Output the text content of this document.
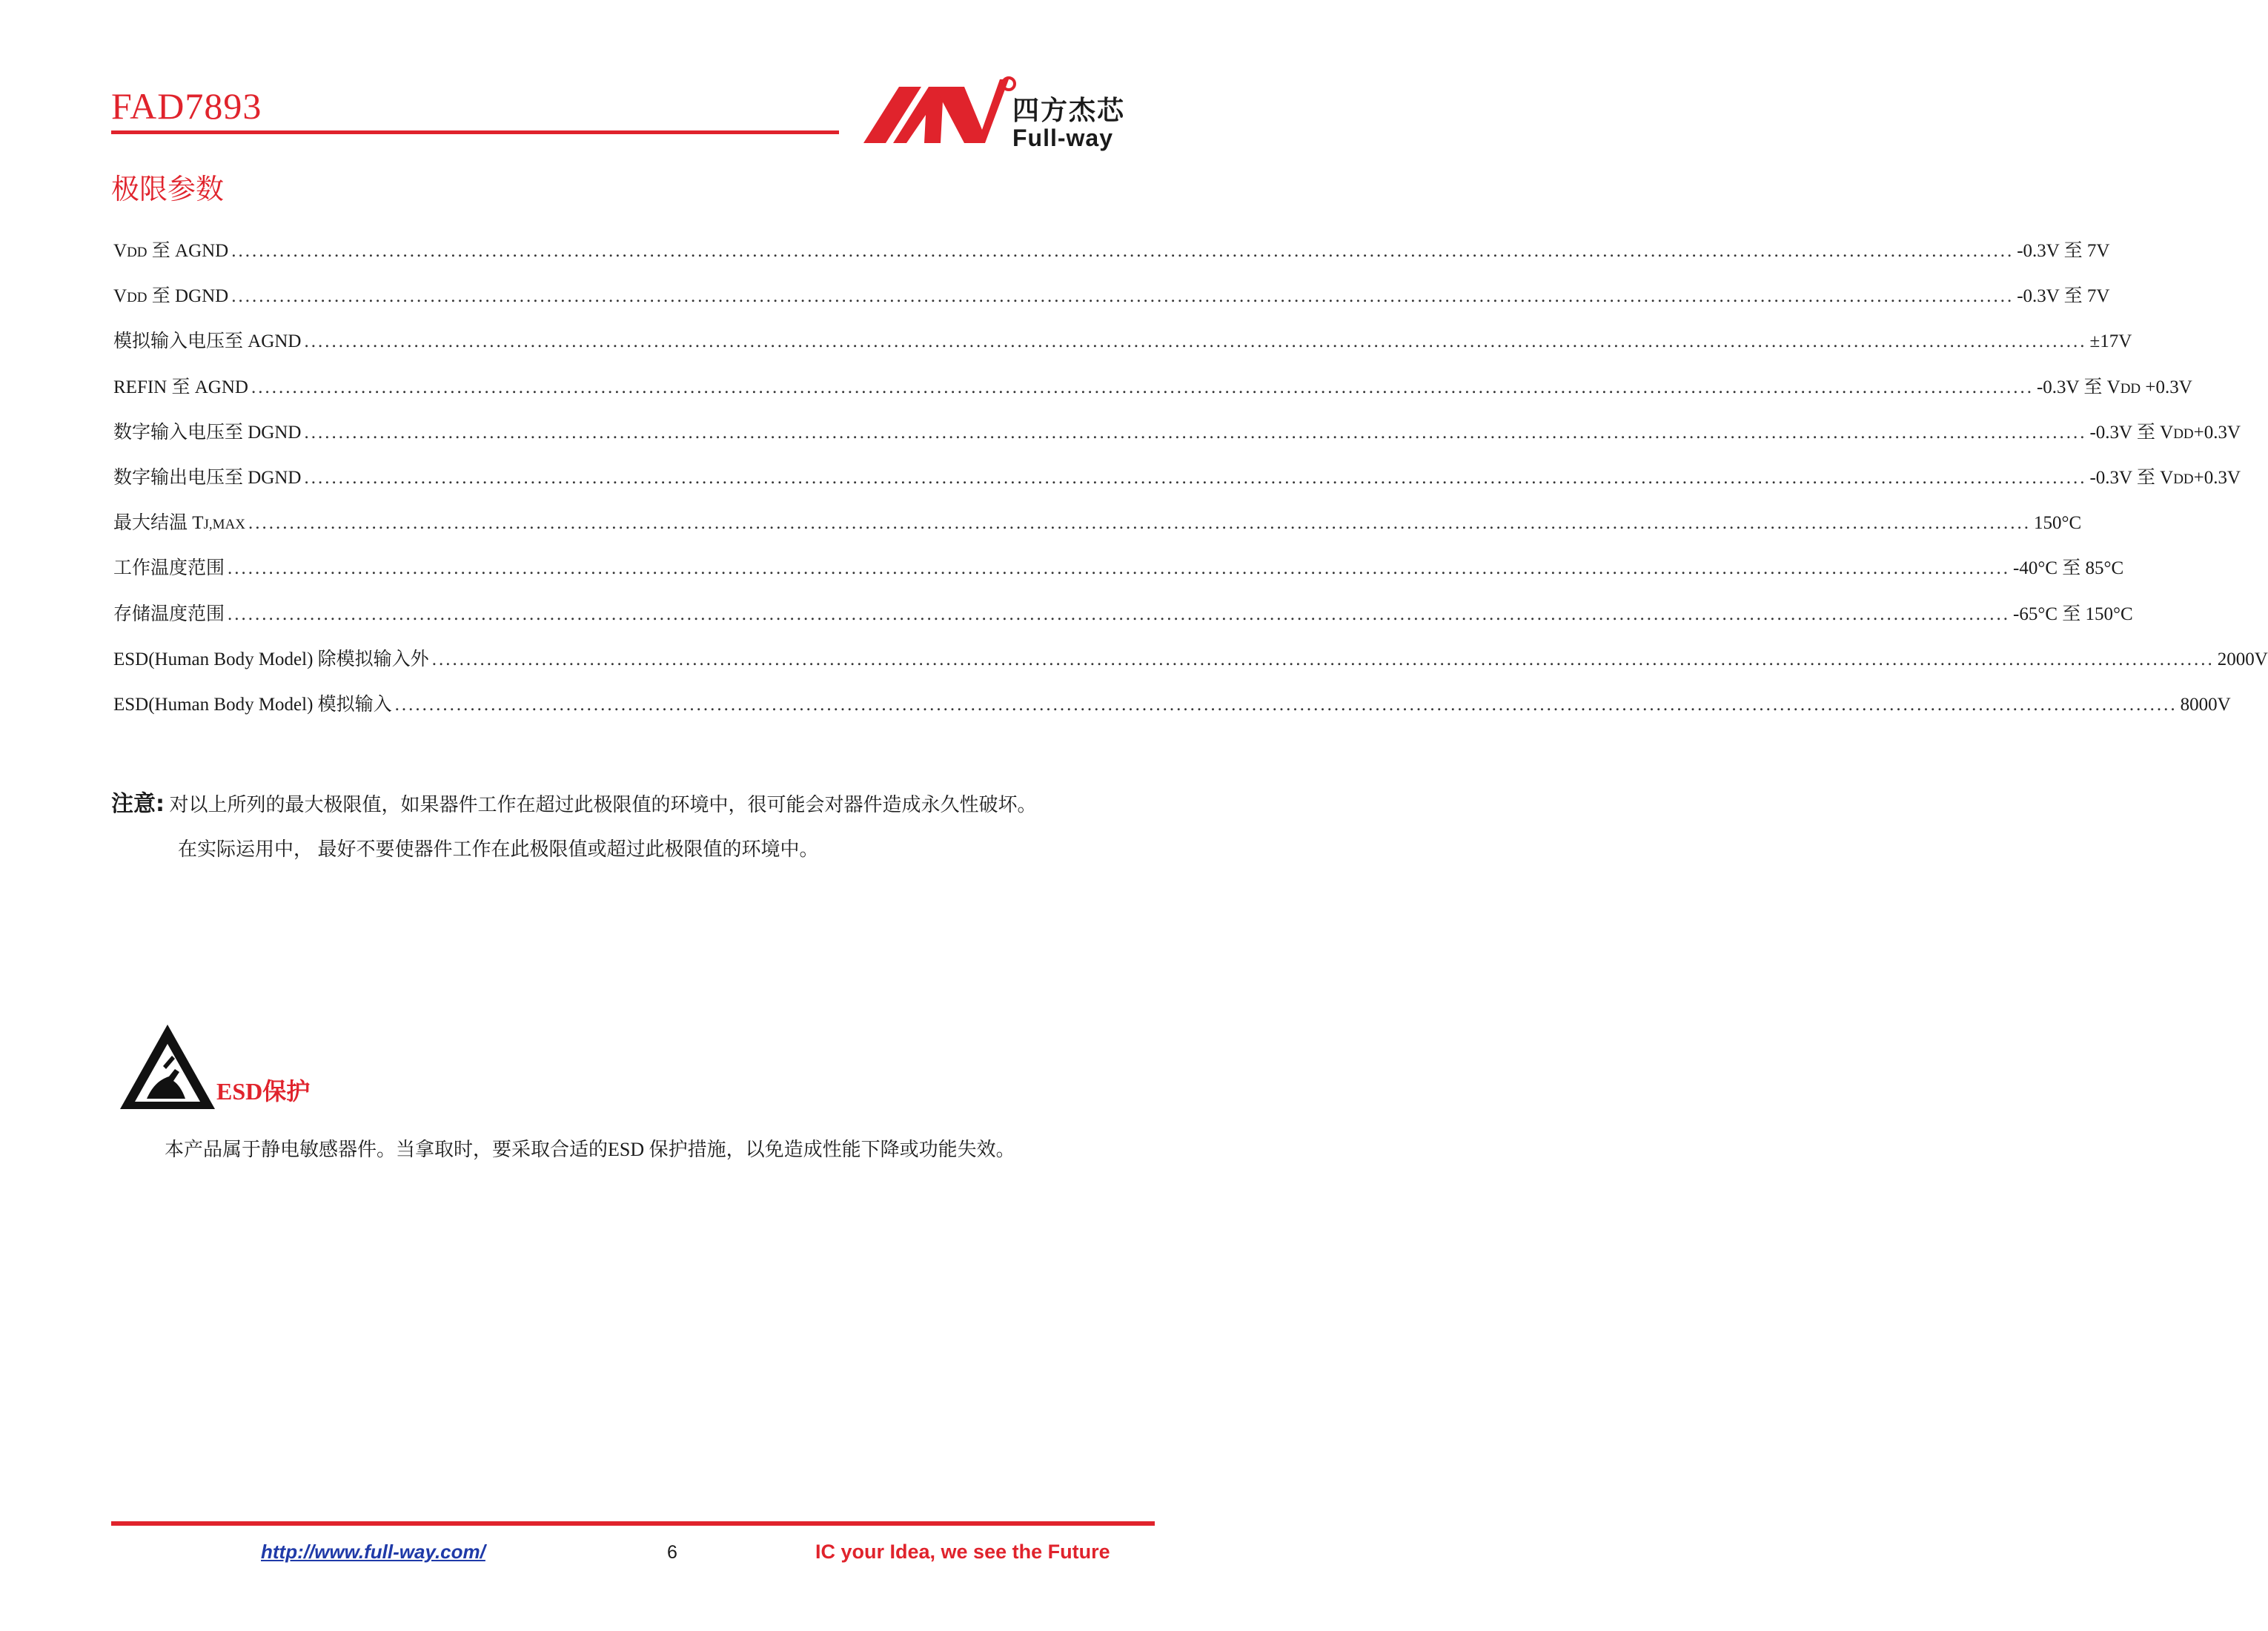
FAD7893	四方杰芯
Full-way
极限参数
VDD 至 AGND .................................................................................................................................................................................................................................................................... -0.3V 至 7V
VDD 至 DGND .................................................................................................................................................................................................................................................................... -0.3V 至 7V
模拟输入电压至 AGND .................................................................................................................................................................................................................................................................... ±17V
REFIN 至 AGND .................................................................................................................................................................................................................................................................... -0.3V 至 VDD +0.3V
数字输入电压至 DGND .................................................................................................................................................................................................................................................................... -0.3V 至 VDD+0.3V
数字输出电压至 DGND .................................................................................................................................................................................................................................................................... -0.3V 至 VDD+0.3V
最大结温 TJ,MAX .................................................................................................................................................................................................................................................................... 150°C
工作温度范围 .................................................................................................................................................................................................................................................................... -40°C 至 85°C
存储温度范围 .................................................................................................................................................................................................................................................................... -65°C 至 150°C
ESD(Human Body Model) 除模拟输入外 .................................................................................................................................................................................................................................................................... 2000V
ESD(Human Body Model) 模拟输入 .................................................................................................................................................................................................................................................................... 8000V
注意: 对以上所列的最大极限值，如果器件工作在超过此极限值的环境中，很可能会对器件造成永久性破坏。
在实际运用中， 最好不要使器件工作在此极限值或超过此极限值的环境中。
ESD保护
本产品属于静电敏感器件。当拿取时，要采取合适的ESD 保护措施，以免造成性能下降或功能失效。
http://www.full-way.com/	6	IC your Idea, we see the Future
